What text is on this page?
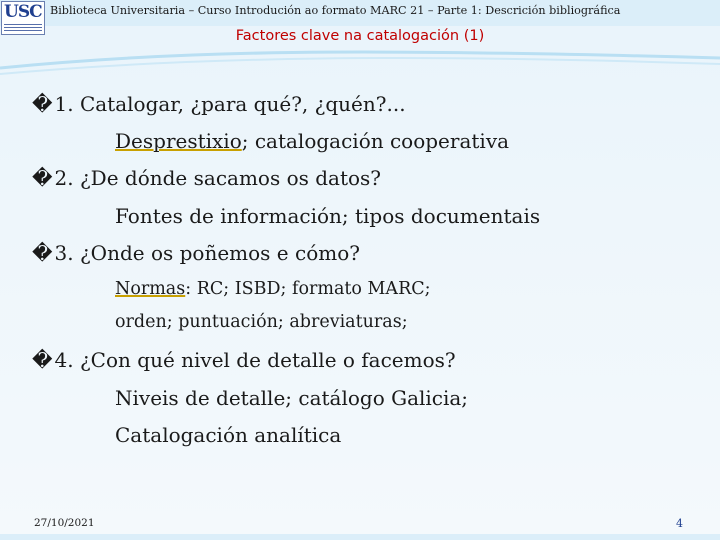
USC Biblioteca Universitaria – Curso Introdución ao formato MARC 21 – Parte 1: Descrición bibliográfica
Factores clave na catalogación (1)
� 1. Catalogar, ¿para qué?, ¿quén?...
Desprestixio; catalogación cooperativa
� 2. ¿De dónde sacamos os datos?
Fontes de información; tipos documentais
� 3. ¿Onde os poñemos e cómo?
Normas: RC; ISBD; formato MARC;
orden; puntuación; abreviaturas;
� 4. ¿Con qué nivel de detalle o facemos?
Niveis de detalle; catálogo Galicia;
Catalogación analítica
27/10/2021	4
